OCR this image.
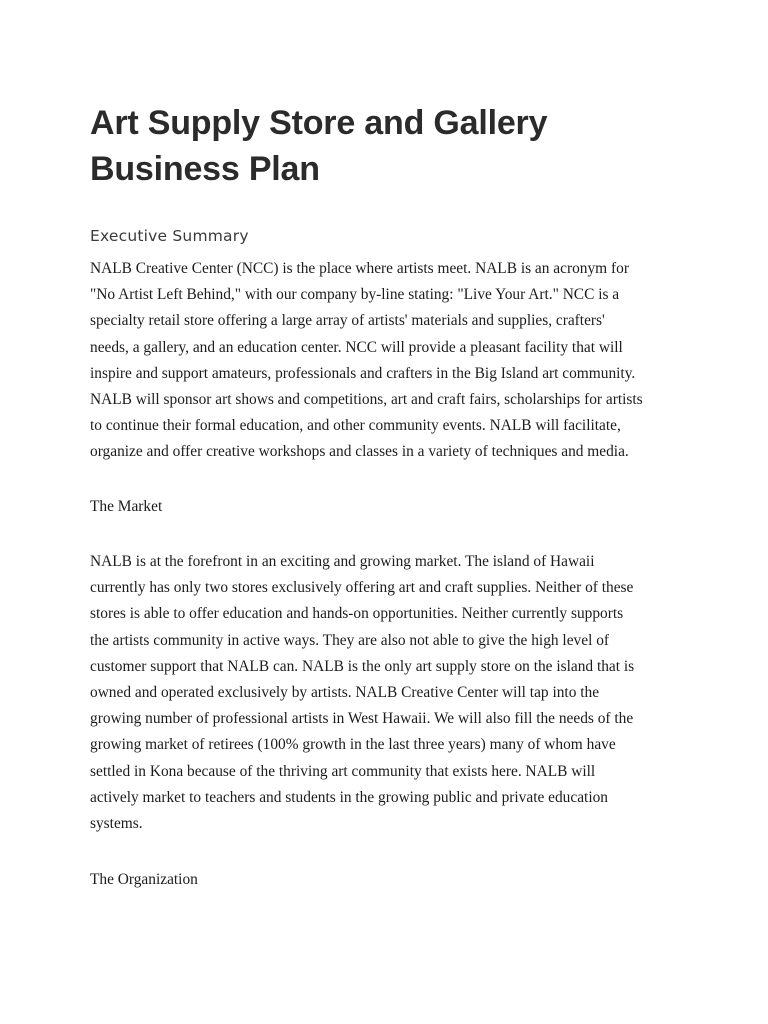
Art Supply Store and Gallery
Business Plan
Executive Summary

NALB Creative Center (NCC) is the place where artists meet. NALB is an acronym for
"No Artist Left Behind," with our company by-line stating: "Live Your Art." NCC is a
specialty retail store offering a large array of artists' materials and supplies, crafters'
needs, a gallery, and an education center. NCC will provide a pleasant facility that will
inspire and support amateurs, professionals and crafters in the Big Island art community.
NALB will sponsor art shows and competitions, art and craft fairs, scholarships for artists
to continue their formal education, and other community events. NALB will facilitate,
organize and offer creative workshops and classes in a variety of techniques and media.

The Market

NALB is at the forefront in an exciting and growing market. The island of Hawaii
currently has only two stores exclusively offering art and craft supplies. Neither of these
stores is able to offer education and hands-on opportunities. Neither currently supports
the artists community in active ways. They are also not able to give the high level of
customer support that NALB can. NALB is the only art supply store on the island that is
owned and operated exclusively by artists. NALB Creative Center will tap into the
growing number of professional artists in West Hawaii. We will also fill the needs of the
growing market of retirees (100% growth in the last three years) many of whom have
settled in Kona because of the thriving art community that exists here. NALB will
actively market to teachers and students in the growing public and private education
systems.

The Organization
